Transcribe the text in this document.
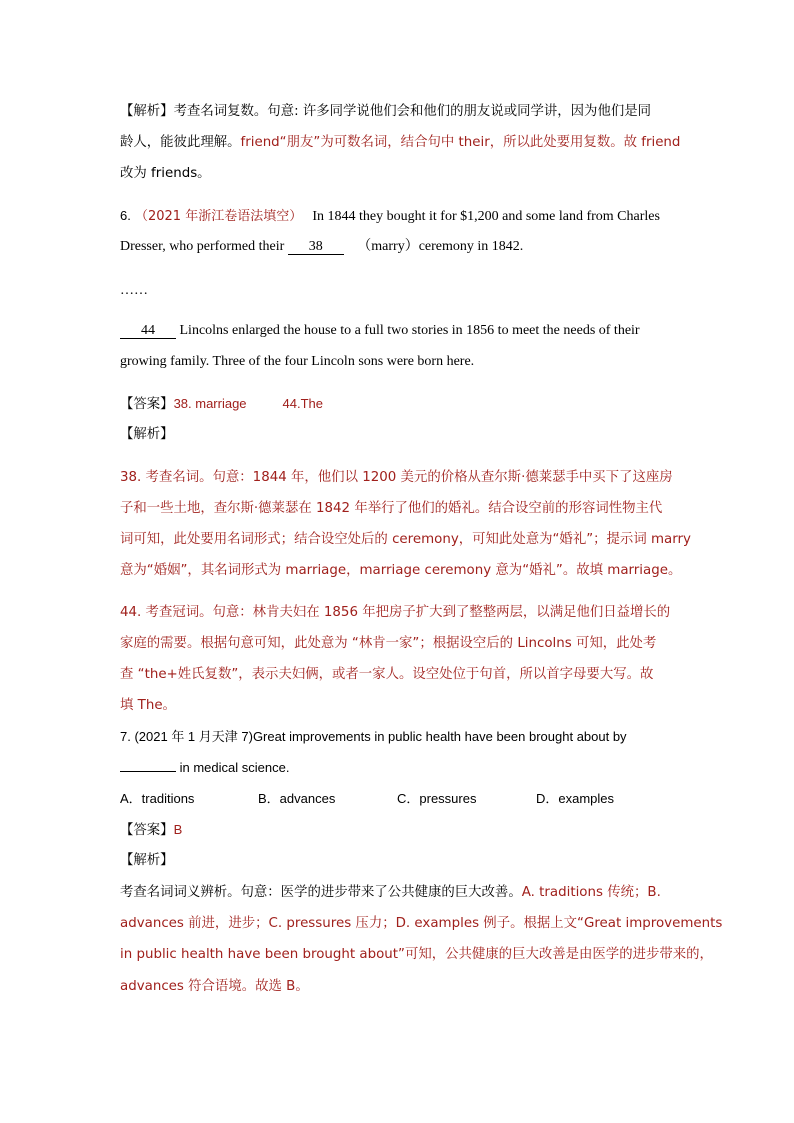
【解析】考查名词复数。句意: 许多同学说他们会和他们的朋友说或同学讲，因为他们是同
龄人，能彼此理解。friend“朋友”为可数名词，结合句中 their，所以此处要用复数。故 friend
改为 friends。
6. （2021 年浙江卷语法填空） In 1844 they bought it for $1,200 and some land from Charles
Dresser, who performed their 38 （marry）ceremony in 1842.
……
44 Lincolns enlarged the house to a full two stories in 1856 to meet the needs of their
growing family. Three of the four Lincoln sons were born here.
【答案】38. marriage	44.The
【解析】
38. 考查名词。句意：1844 年，他们以 1200 美元的价格从查尔斯·德莱瑟手中买下了这座房
子和一些土地，查尔斯·德莱瑟在 1842 年举行了他们的婚礼。结合设空前的形容词性物主代
词可知，此处要用名词形式；结合设空处后的 ceremony，可知此处意为“婚礼”；提示词 marry
意为“婚姻”，其名词形式为 marriage，marriage ceremony 意为“婚礼”。故填 marriage。
44. 考查冠词。句意：林肯夫妇在 1856 年把房子扩大到了整整两层，以满足他们日益增长的
家庭的需要。根据句意可知，此处意为 “林肯一家”；根据设空后的 Lincolns 可知，此处考
查 “the+姓氏复数”，表示夫妇俩，或者一家人。设空处位于句首，所以首字母要大写。故
填 The。
7. (2021 年 1 月天津 7)Great improvements in public health have been brought about by
in medical science.
A．traditions	B．advances	C．pressures	D．examples
【答案】B
【解析】
考查名词词义辨析。句意：医学的进步带来了公共健康的巨大改善。A. traditions 传统；B.
advances 前进，进步；C. pressures 压力；D. examples 例子。根据上文“Great improvements
in public health have been brought about”可知，公共健康的巨大改善是由医学的进步带来的，
advances 符合语境。故选 B。
